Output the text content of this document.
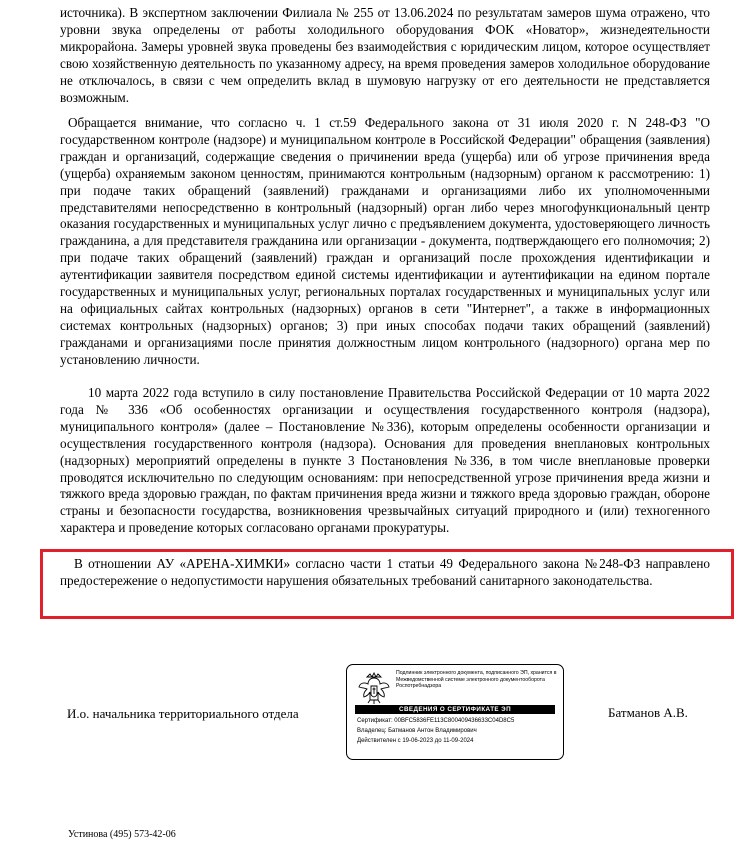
источника). В экспертном заключении Филиала № 255 от 13.06.2024 по результатам замеров шума отражено, что уровни звука определены от работы холодильного оборудования ФОК «Новатор», жизнедеятельности микрорайона. Замеры уровней звука проведены без взаимодействия с юридическим лицом, которое осуществляет свою хозяйственную деятельность по указанному адресу, на время проведения замеров холодильное оборудование не отключалось, в связи с чем определить вклад в шумовую нагрузку от его деятельности не представляется возможным.

Обращается внимание, что согласно ч. 1 ст.59 Федерального закона от 31 июля 2020 г. N 248-ФЗ "О государственном контроле (надзоре) и муниципальном контроле в Российской Федерации" обращения (заявления) граждан и организаций, содержащие сведения о причинении вреда (ущерба) или об угрозе причинения вреда (ущерба) охраняемым законом ценностям, принимаются контрольным (надзорным) органом к рассмотрению: 1) при подаче таких обращений (заявлений) гражданами и организациями либо их уполномоченными представителями непосредственно в контрольный (надзорный) орган либо через многофункциональный центр оказания государственных и муниципальных услуг лично с предъявлением документа, удостоверяющего личность гражданина, а для представителя гражданина или организации - документа, подтверждающего его полномочия; 2) при подаче таких обращений (заявлений) граждан и организаций после прохождения идентификации и аутентификации заявителя посредством единой системы идентификации и аутентификации на едином портале государственных и муниципальных услуг, региональных порталах государственных и муниципальных услуг или на официальных сайтах контрольных (надзорных) органов в сети "Интернет", а также в информационных системах контрольных (надзорных) органов; 3) при иных способах подачи таких обращений (заявлений) гражданами и организациями после принятия должностным лицом контрольного (надзорного) органа мер по установлению личности.

10 марта 2022 года вступило в силу постановление Правительства Российской Федерации от 10 марта 2022 года № 336 «Об особенностях организации и осуществления государственного контроля (надзора), муниципального контроля» (далее – Постановление №336), которым определены особенности организации и осуществления государственного контроля (надзора). Основания для проведения внеплановых контрольных (надзорных) мероприятий определены в пункте 3 Постановления №336, в том числе внеплановые проверки проводятся исключительно по следующим основаниям: при непосредственной угрозе причинения вреда жизни и тяжкого вреда здоровью граждан, по фактам причинения вреда жизни и тяжкого вреда здоровью граждан, обороне страны и безопасности государства, возникновения чрезвычайных ситуаций природного и (или) техногенного характера и проведение которых согласовано органами прокуратуры.

В отношении АУ «АРЕНА-ХИМКИ» согласно части 1 статьи 49 Федерального закона №248-ФЗ направлено предостережение о недопустимости нарушения обязательных требований санитарного законодательства.

И.о. начальника территориального отдела
Подлинник электронного документа, подписанного ЭП, хранится в Межведомственной системе электронного документооборота Роспотребнадзора
СВЕДЕНИЯ О СЕРТИФИКАТЕ ЭП
Сертификат: 00BFC5836FE113C800409436633C04D8C5
Владелец: Батманов Антон Владимирович
Действителен с 19-06-2023 до 11-09-2024
Батманов А.В.
Устинова (495) 573-42-06
